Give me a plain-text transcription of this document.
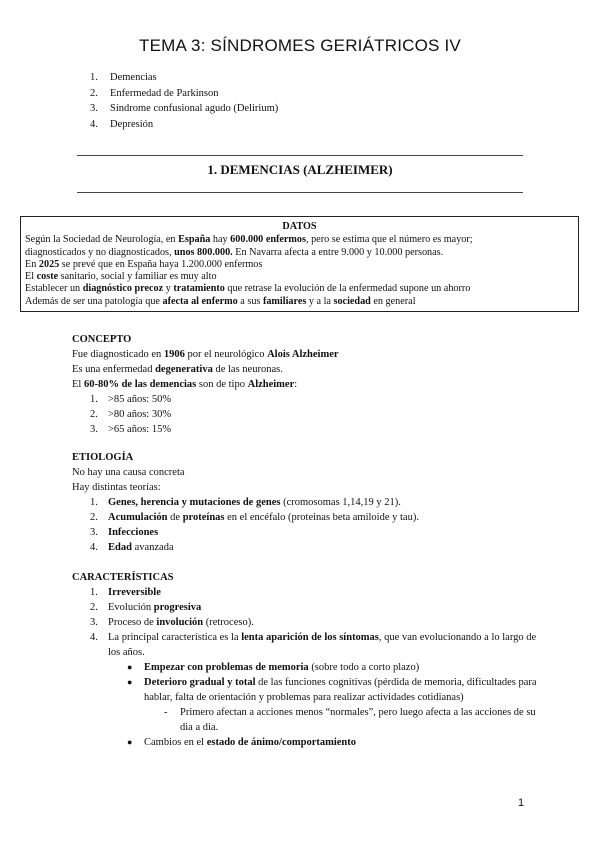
TEMA 3: SÍNDROMES GERIÁTRICOS IV
1. Demencias
2. Enfermedad de Parkinson
3. Síndrome confusional agudo (Delirium)
4. Depresión
1. DEMENCIAS (ALZHEIMER)
DATOS

Según la Sociedad de Neurología, en España hay 600.000 enfermos, pero se estima que el número es mayor;

diagnosticados y no diagnosticados, unos 800.000. En Navarra afecta a entre 9.000 y 10.000 personas.

En 2025 se prevé que en España haya 1.200.000 enfermos

El coste sanitario, social y familiar es muy alto

Establecer un diagnóstico precoz y tratamiento que retrase la evolución de la enfermedad supone un ahorro

Además de ser una patología que afecta al enfermo a sus familiares y a la sociedad en general

CONCEPTO

Fue diagnosticado en 1906 por el neurológico Alois Alzheimer

Es una enfermedad degenerativa de las neuronas.

El 60-80% de las demencias son de tipo Alzheimer:

1. >85 años: 50%
2. >80 años: 30%
3. >65 años: 15%

ETIOLOGÍA

No hay una causa concreta

Hay distintas teorías:

1. Genes, herencia y mutaciones de genes (cromosomas 1,14,19 y 21).
2. Acumulación de proteínas en el encéfalo (proteinas beta amiloide y tau).
3. Infecciones
4. Edad avanzada

CARACTERÍSTICAS

1. Irreversible
2. Evolución progresiva
3. Proceso de involución (retroceso).
4. La principal característica es la lenta aparición de los síntomas, que van evolucionando a lo largo de los años.
● Empezar con problemas de memoria (sobre todo a corto plazo)
● Deterioro gradual y total de las funciones cognitivas (pérdida de memoria, dificultades para hablar, falta de orientación y problemas para realizar actividades cotidianas)
- Primero afectan a acciones menos “normales”, pero luego afecta a las acciones de su dia a dia.
● Cambios en el estado de ánimo/comportamiento
1
